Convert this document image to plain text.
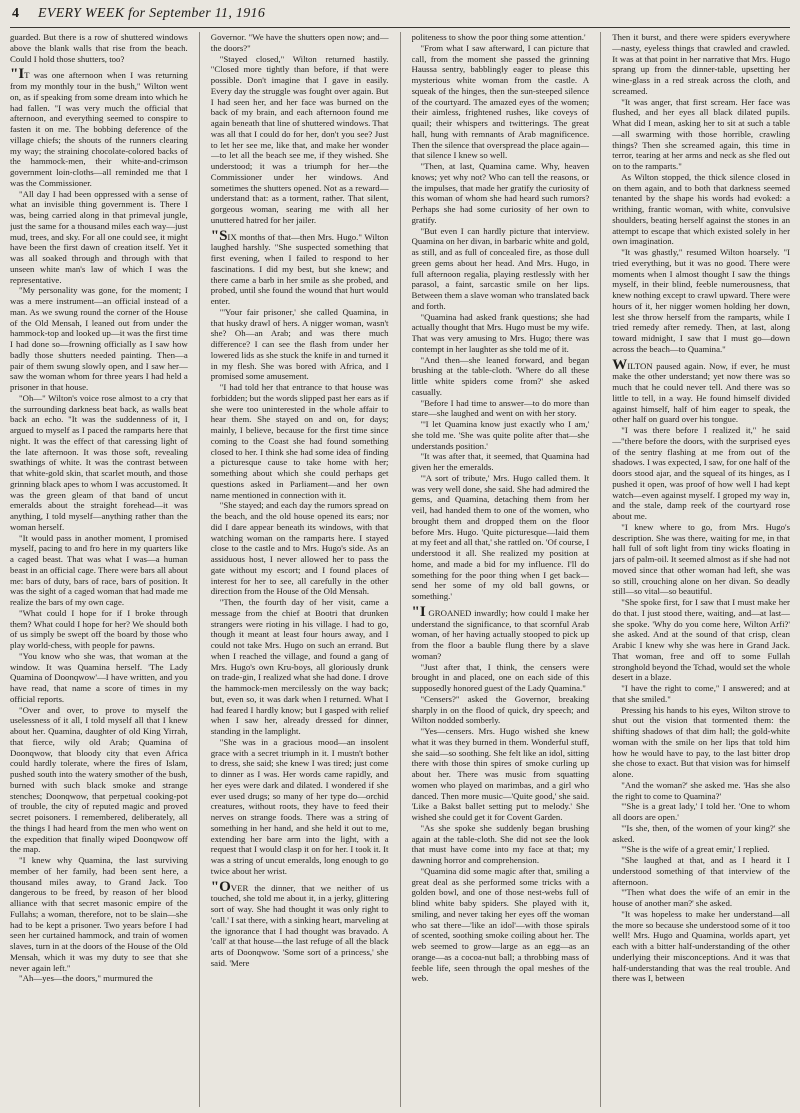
4 EVERY WEEK for September 11, 1916

guarded. But there is a row of shuttered windows above the blank walls that rise from the beach. Could I hold those shutters, too?

"IT was one afternoon when I was returning from my monthly tour in the bush," Wilton went on, as if speaking from some dream into which he had fallen. "I was very much the official that afternoon, and everything seemed to conspire to fasten it on me. The bobbing deference of the village chiefs; the shouts of the runners clearing my way; the straining chocolate-colored backs of the hammock-men, their white-and-crimson government loin-cloths—all reminded me that I was the Commissioner.

"All day I had been oppressed with a sense of what an invisible thing government is. There I was, being carried along in that primeval jungle, just the same for a thousand miles each way—just mud, trees, and sky. For all one could see, it might have been the first dawn of creation itself. Yet it was all soaked through and through with that unseen white man's law of which I was the representative.

"My personality was gone, for the moment; I was a mere instrument—an official instead of a man. As we swung round the corner of the House of the Old Mensah, I leaned out from under the hammock-top and looked up—it was the first time I had done so—frowning officially as I saw how badly those shutters needed painting. Then—a pair of them swung slowly open, and I saw her—saw the woman whom for three years I had held a prisoner in that house.

"Oh—" Wilton's voice rose almost to a cry that the surrounding darkness beat back, as walls beat back an echo. "It was the suddenness of it, I argued to myself as I paced the ramparts here that night. It was the effect of that caressing light of the late afternoon. It was those soft, revealing swathings of white. It was the contrast between that white-gold skin, that scarlet mouth, and those grinning black apes to whom I was accustomed. It was the green gleam of that band of uncut emeralds about the straight forehead—it was anything, I told myself—anything rather than the woman herself.

"It would pass in another moment, I promised myself, pacing to and fro here in my quarters like a caged beast. That was what I was—a human beast in an official cage. There were bars all about me: bars of duty, bars of race, bars of position. It was the sight of a caged woman that had made me realize the bars of my own cage.

"What could I hope for if I broke through them? What could I hope for her? We should both of us simply be swept off the board by those who play world-chess, with people for pawns.

"You know who she was, that woman at the window. It was Quamina herself. 'The Lady Quamina of Doonqwow'—I have written, and you have read, that name a score of times in my official reports.

"Over and over, to prove to myself the uselessness of it all, I told myself all that I knew about her. Quamina, daughter of old King Yirrah, that fierce, wily old Arab; Quamina of Doonqwow, that bloody city that even Africa could hardly tolerate, where the fires of Islam, pushed south into the watery smother of the bush, burned with such black smoke and strange stenches; Doonqwow, that perpetual cooking-pot of trouble, the city of reputed magic and proved secret poisoners. I remembered, deliberately, all the things I had heard from the men who went on the expedition that finally wiped Doonqwow off the map.

"I knew why Quamina, the last surviving member of her family, had been sent here, a thousand miles away, to Grand Jack. Too dangerous to be freed, by reason of her blood alliance with that secret masonic empire of the Fullahs; a woman, therefore, not to be slain—she had to be kept a prisoner. Two years before I had seen her curtained hammock, and train of women slaves, turn in at the doors of the House of the Old Mensah, which it was my duty to see that she never again left."

"Ah—yes—the doors," murmured the

Governor. "We have the shutters open now; and—the doors?"

"Stayed closed," Wilton returned hastily. "Closed more tightly than before, if that were possible. Don't imagine that I gave in easily. Every day the struggle was fought over again. But I had seen her, and her face was burned on the back of my brain, and each afternoon found me again beneath that line of shuttered windows. That was all that I could do for her, don't you see? Just to let her see me, like that, and make her wonder—to let all the beach see me, if they wished. She understood; it was a triumph for her—the Commissioner under her windows. And sometimes the shutters opened. Not as a reward—understand that: as a torment, rather. That silent, gorgeous woman, searing me with all her unuttered hatred for her jailer.

"SIX months of that—then Mrs. Hugo." Wilton laughed harshly. "She suspected something that first evening, when I failed to respond to her fascinations. I did my best, but she knew; and there came a barb in her smile as she probed, and probed, until she found the wound that hurt would enter.

"'Your fair prisoner,' she called Quamina, in that husky drawl of hers. A nigger woman, wasn't she? Oh—an Arab; and was there much difference? I can see the flash from under her lowered lids as she stuck the knife in and turned it in my flesh. She was bored with Africa, and I promised some amusement.

"I had told her that entrance to that house was forbidden; but the words slipped past her ears as if she were too uninterested in the whole affair to hear them. She stayed on and on, for days; mainly, I believe, because for the first time since coming to the Coast she had found something closed to her. I think she had some idea of finding a picturesque cause to take home with her; something about which she could perhaps get questions asked in Parliament—and her own name mentioned in connection with it.

"She stayed; and each day the rumors spread on the beach, and the old house opened its ears; nor did I dare appear beneath its windows, with that watching woman on the ramparts here. I stayed close to the castle and to Mrs. Hugo's side. As an assiduous host, I never allowed her to pass the gate without my escort; and I found places of interest for her to see, all carefully in the other direction from the House of the Old Mensah.

"Then, the fourth day of her visit, came a message from the chief at Bootri that drunken strangers were rioting in his village. I had to go, though it meant at least four hours away, and I could not take Mrs. Hugo on such an errand. But when I reached the village, and found a gang of Mrs. Hugo's own Kru-boys, all gloriously drunk on trade-gin, I realized what she had done. I drove the hammock-men mercilessly on the way back; but, even so, it was dark when I returned. What I had feared I hardly know; but I gasped with relief when I saw her, already dressed for dinner, standing in the lamplight.

"She was in a gracious mood—an insolent grace with a secret triumph in it. I mustn't bother to dress, she said; she knew I was tired; just come to dinner as I was. Her words came rapidly, and her eyes were dark and dilated. I wondered if she ever used drugs; so many of her type do—orchid creatures, without roots, they have to feed their nerves on strange foods. There was a string of something in her hand, and she held it out to me, extending her bare arm into the light, with a request that I would clasp it on for her. I took it. It was a string of uncut emeralds, long enough to go twice about her wrist.

"OVER the dinner, that we neither of us touched, she told me about it, in a jerky, glittering sort of way. She had thought it was only right to 'call.' I sat there, with a sinking heart, marveling at the ignorance that I had thought was bravado. A 'call' at that house—the last refuge of all the black arts of Doonqwow. 'Some sort of a princess,' she said. 'Mere

politeness to show the poor thing some attention.'

"From what I saw afterward, I can picture that call, from the moment she passed the grinning Haussa sentry, babblingly eager to please this mysterious white woman from the castle. A squeak of the hinges, then the sun-steeped silence of the courtyard. The amazed eyes of the women; their aimless, frightened rushes, like coveys of quail; their whispers and twitterings. The great hall, hung with remnants of Arab magnificence. Then the silence that overspread the place again—that silence I knew so well.

"Then, at last, Quamina came. Why, heaven knows; yet why not? Who can tell the reasons, or the impulses, that made her gratify the curiosity of this woman of whom she had heard such rumors? Perhaps she had some curiosity of her own to gratify.

"But even I can hardly picture that interview. Quamina on her divan, in barbaric white and gold, as still, and as full of concealed fire, as those dull green gems about her head. And Mrs. Hugo, in full afternoon regalia, playing restlessly with her parasol, a faint, sarcastic smile on her lips. Between them a slave woman who translated back and forth.

"Quamina had asked frank questions; she had actually thought that Mrs. Hugo must be my wife. That was very amusing to Mrs. Hugo; there was contempt in her laughter as she told me of it.

"And then—she leaned forward, and began brushing at the table-cloth. 'Where do all these little white spiders come from?' she asked casually.

"Before I had time to answer—to do more than stare—she laughed and went on with her story.

"'I let Quamina know just exactly who I am,' she told me. 'She was quite polite after that—she understands position.'

"It was after that, it seemed, that Quamina had given her the emeralds.

"'A sort of tribute,' Mrs. Hugo called them. It was very well done, she said. She had admired the gems, and Quamina, detaching them from her veil, had handed them to one of the women, who brought them and dropped them on the floor before Mrs. Hugo. 'Quite picturesque—laid them at my feet and all that,' she rattled on. 'Of course, I understood it all. She realized my position at home, and made a bid for my influence. I'll do something for the poor thing when I get back—send her some of my old ball gowns, or something.'

"I GROANED inwardly; how could I make her understand the significance, to that scornful Arab woman, of her having actually stooped to pick up from the floor a bauble flung there by a slave woman?

"Just after that, I think, the censers were brought in and placed, one on each side of this supposedly honored guest of the Lady Quamina."

"Censers?" asked the Governor, breaking sharply in on the flood of quick, dry speech; and Wilton nodded somberly.

"Yes—censers. Mrs. Hugo wished she knew what it was they burned in them. Wonderful stuff, she said—so soothing. She felt like an idol, sitting there with those thin spires of smoke curling up about her. There was music from squatting women who played on marimbas, and a girl who danced. Then more music—'Quite good,' she said. 'Like a Bakst ballet setting put to melody.' She wished she could get it for Covent Garden.

"As she spoke she suddenly began brushing again at the table-cloth. She did not see the look that must have come into my face at that; my dawning horror and comprehension.

"Quamina did some magic after that, smiling a great deal as she performed some tricks with a golden bowl, and one of those nest-webs full of blind white baby spiders. She played with it, smiling, and never taking her eyes off the woman who sat there—'like an idol'—with those spirals of scented, soothing smoke coiling about her. The web seemed to grow—large as an egg—as an orange—as a cocoa-nut ball; a throbbing mass of feeble life, seen through the opal meshes of the web.

Then it burst, and there were spiders everywhere—nasty, eyeless things that crawled and crawled. It was at that point in her narrative that Mrs. Hugo sprang up from the dinner-table, upsetting her wine-glass in a red streak across the cloth, and screamed.

"It was anger, that first scream. Her face was flushed, and her eyes all black dilated pupils. What did I mean, asking her to sit at such a table—all swarming with those horrible, crawling things? Then she screamed again, this time in terror, tearing at her arms and neck as she fled out on to the ramparts."

As Wilton stopped, the thick silence closed in on them again, and to both that darkness seemed tenanted by the shape his words had evoked: a writhing, frantic woman, with white, convulsive shoulders, beating herself against the stones in an attempt to escape that which existed solely in her own imagination.

"It was ghastly," resumed Wilton hoarsely. "I tried everything, but it was no good. There were moments when I almost thought I saw the things myself, in their blind, feeble numerousness, that knew nothing except to crawl upward. There were hours of it, her nigger women holding her down, lest she throw herself from the ramparts, while I tried remedy after remedy. Then, at last, along toward midnight, I saw that I must go—down across the beach—to Quamina."

WILTON paused again. Now, if ever, he must make the other understand; yet now there was so much that he could never tell. And there was so little to tell, in a way. He found himself divided against himself, half of him eager to speak, the other half on guard over his tongue.

"I was there before I realized it," he said—"there before the doors, with the surprised eyes of the sentry flashing at me from out of the shadows. I was expected, I saw, for one half of the doors stood ajar, and the squeal of its hinges, as I pushed it open, was proof of how well I had kept watch—even against myself. I groped my way in, and the stale, damp reek of the courtyard rose about me.

"I knew where to go, from Mrs. Hugo's description. She was there, waiting for me, in that hall full of soft light from tiny wicks floating in jars of palm-oil. It seemed almost as if she had not moved since that other woman had left, she was so still, crouching alone on her divan. So deadly still—so vital—so beautiful.

"She spoke first, for I saw that I must make her do that. I just stood there, waiting, and—at last—she spoke. 'Why do you come here, Wilton Arfi?' she asked. And at the sound of that crisp, clean Arabic I knew why she was here in Grand Jack. That woman, free and off to some Fullah stronghold beyond the Tchad, would set the whole desert in a blaze.

"I have the right to come," I answered; and at that she smiled."

Pressing his hands to his eyes, Wilton strove to shut out the vision that tormented them: the shifting shadows of that dim hall; the gold-white woman with the smile on her lips that told him how he would have to pay, to the last bitter drop she chose to exact. But that vision was for himself alone.

"And the woman?' she asked me. 'Has she also the right to come to Quamina?'

"'She is a great lady,' I told her. 'One to whom all doors are open.'

"'Is she, then, of the women of your king?' she asked.

"'She is the wife of a great emir,' I replied.

"She laughed at that, and as I heard it I understood something of that interview of the afternoon.

"'Then what does the wife of an emir in the house of another man?' she asked.

"It was hopeless to make her understand—all the more so because she understood some of it too well! Mrs. Hugo and Quamina, worlds apart, yet each with a bitter half-understanding of the other underlying their misconceptions. And it was that half-understanding that was the real trouble. And there was I, between
